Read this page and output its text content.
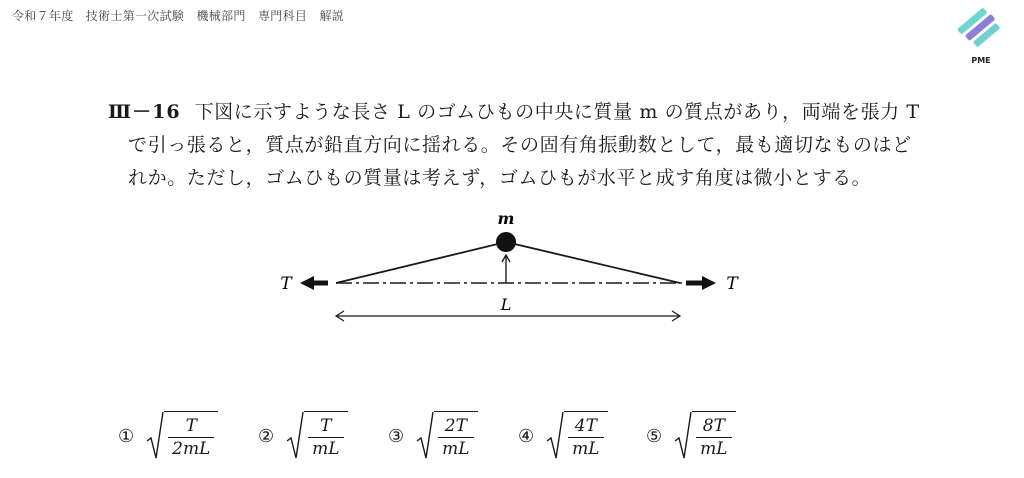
令和７年度　技術士第一次試験　機械部門　専門科目　解説
PME
Ⅲ－16 下図に示すような長さ L のゴムひもの中央に質量 m の質点があり，両端を張力 T
で引っ張ると，質点が鉛直方向に揺れる。その固有角振動数として，最も適切なものはど
れか。ただし，ゴムひもの質量は考えず，ゴムひもが水平と成す角度は微小とする。
m
T	T
L
① $\frac{T}{2mL}$ ② $\frac{T}{mL}$ ③ $\frac{2T}{mL}$ ④ $\frac{4T}{mL}$ ⑤ $\frac{8T}{mL}$
